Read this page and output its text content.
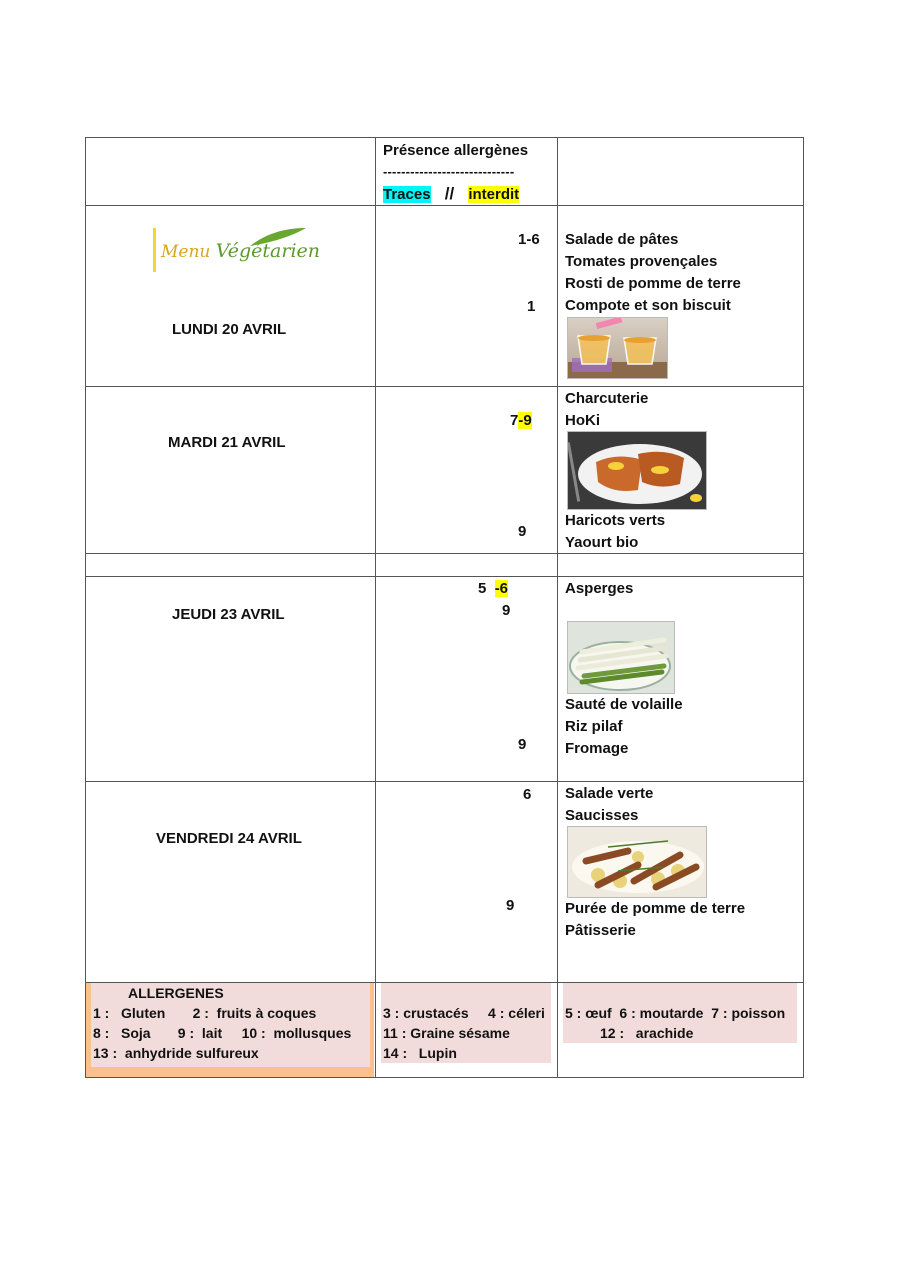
Présence allergènes
-----------------------------
Traces // interdit
Menu Végétarien
LUNDI 20 AVRIL
1-6
1
Salade de pâtes
Tomates provençales
Rosti de pomme de terre
Compote et son biscuit
MARDI 21 AVRIL
7-9
9
Charcuterie
HoKi
Haricots verts
Yaourt bio
JEUDI 23 AVRIL
5  -6
9
9
Asperges
Sauté de volaille
Riz pilaf
Fromage
VENDREDI 24 AVRIL
6
9
Salade verte
Saucisses
Purée de pomme de terre
Pâtisserie
ALLERGENES
1 :   Gluten       2 :  fruits à coques
8 :   Soja       9 :  lait     10 :  mollusques
13 :  anhydride sulfureux
3 : crustacés     4 : céleri
11 : Graine sésame
14 :   Lupin
5 : œuf  6 : moutarde  7 : poisson
12 :   arachide
